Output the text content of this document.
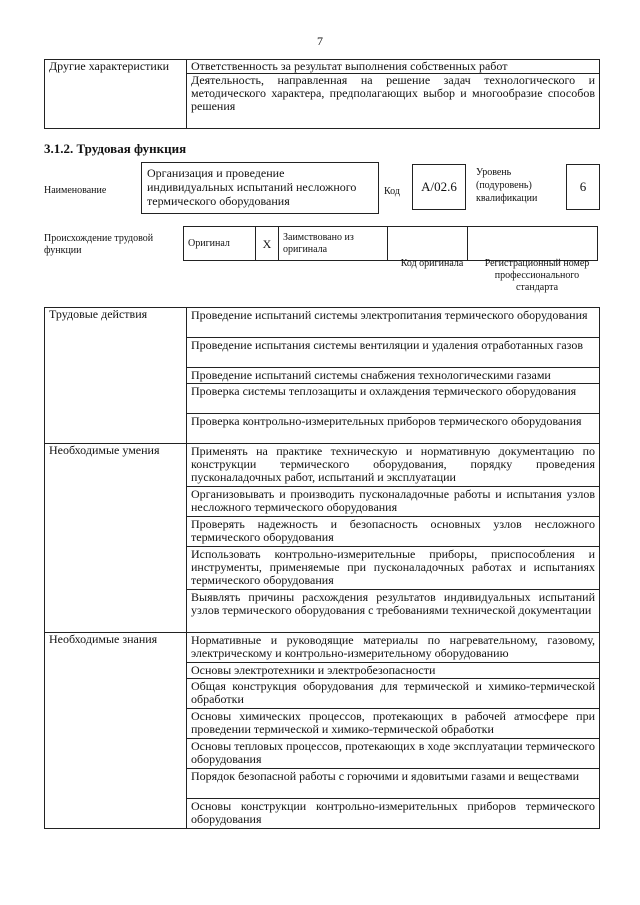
7
Другие характеристики	Ответственность за результат выполнения собственных работ
Деятельность, направленная на решение задач технологического и методического характера, предполагающих выбор и многообразие способов решения
3.1.2. Трудовая функция
Наименование
Организация и проведение индивидуальных испытаний несложного термического оборудования
Код	А/02.6
Уровень
(подуровень)
квалификации
6
Происхождение трудовой
функции
Оригинал	X	Заимствовано из оригинала		
Код оригинала	Регистрационный номер профессионального стандарта
Трудовые действия	Проведение испытаний системы электропитания термического оборудования
	Проведение испытания системы вентиляции и удаления отработанных газов
	Проведение испытаний системы снабжения технологическими газами
	Проверка системы теплозащиты и охлаждения термического оборудования
	Проверка контрольно-измерительных приборов термического оборудования
Необходимые умения	Применять на практике техническую и нормативную документацию по конструкции термического оборудования, порядку проведения пусконаладочных работ, испытаний и эксплуатации
	Организовывать и производить пусконаладочные работы и испытания узлов несложного термического оборудования
	Проверять надежность и безопасность основных узлов несложного термического оборудования
	Использовать контрольно-измерительные приборы, приспособления и инструменты, применяемые при пусконаладочных работах и испытаниях термического оборудования
	Выявлять причины расхождения результатов индивидуальных испытаний узлов термического оборудования с требованиями технической документации
Необходимые знания	Нормативные и руководящие материалы по нагревательному, газовому, электрическому и контрольно-измерительному оборудованию
	Основы электротехники и электробезопасности
	Общая конструкция оборудования для термической и химико-термической обработки
	Основы химических процессов, протекающих в рабочей атмосфере при проведении термической и химико-термической обработки
	Основы тепловых процессов, протекающих в ходе эксплуатации термического оборудования
	Порядок безопасной работы с горючими и ядовитыми газами и веществами
	Основы конструкции контрольно-измерительных приборов термического оборудования
